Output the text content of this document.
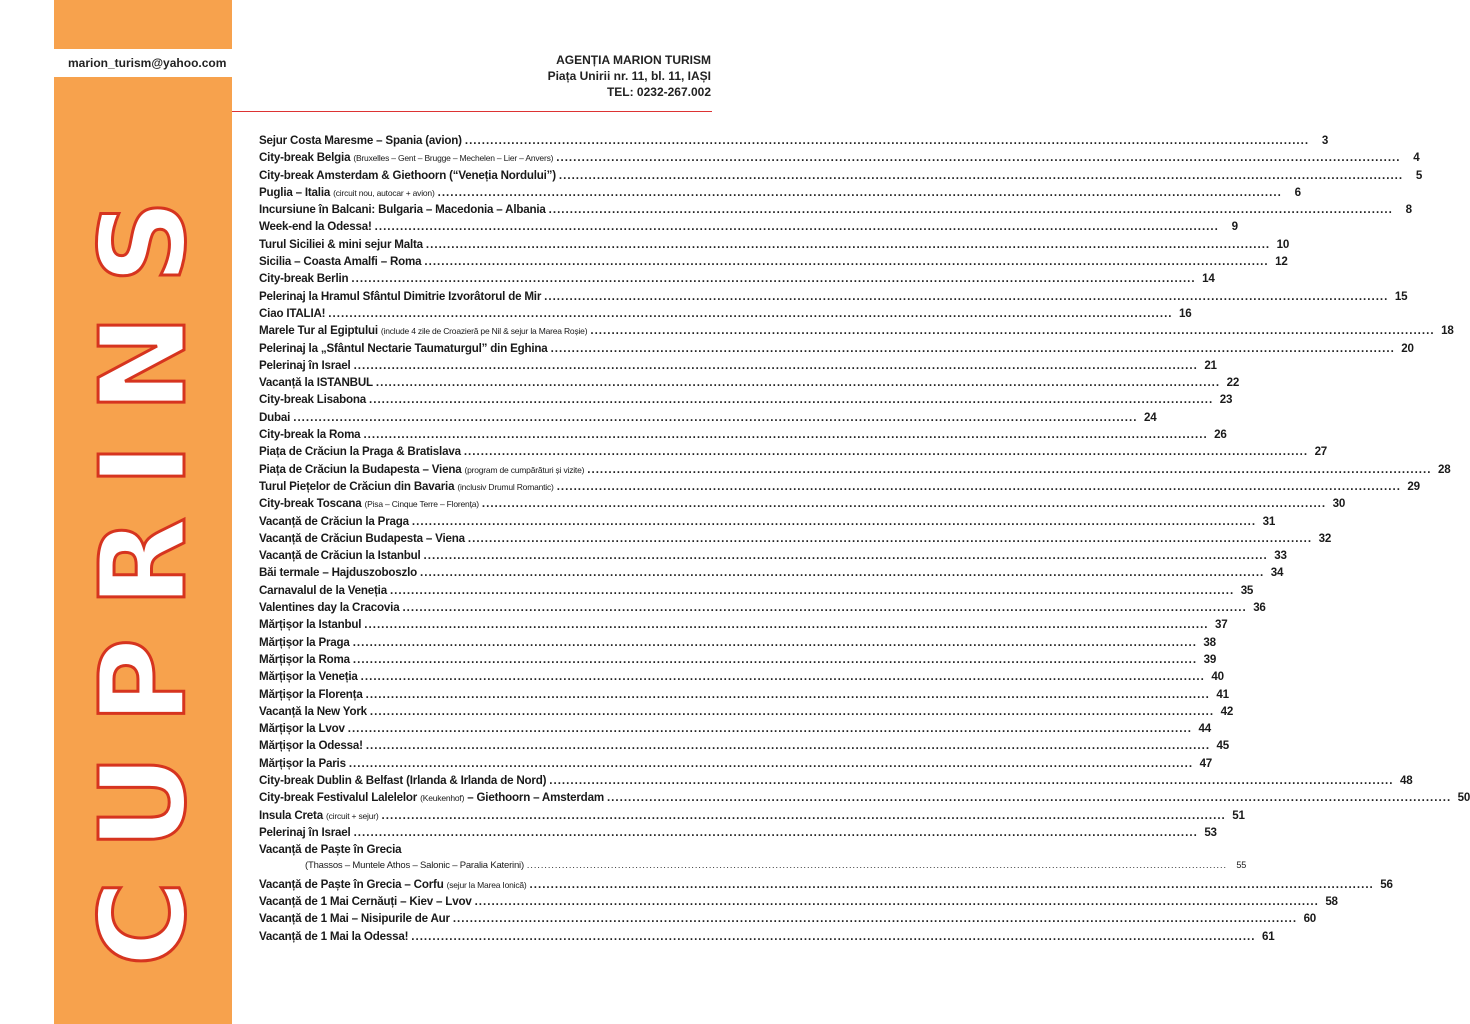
marion_turism@yahoo.com	AGENȚIA MARION TURISM
Piața Unirii nr. 11, bl. 11, IAȘI
TEL: 0232-267.002
CUPRINS
Sejur Costa Maresme – Spania (avion) ........................................................................................................................................................................................................	3
City-break Belgia (Bruxelles – Gent – Brugge – Mechelen – Lier – Anvers) ........................................................................................................................................................................................................	4
City-break Amsterdam & Giethoorn (“Veneția Nordului”) ........................................................................................................................................................................................................	5
Puglia – Italia (circuit nou, autocar + avion) ........................................................................................................................................................................................................	6
Incursiune în Balcani: Bulgaria – Macedonia – Albania ........................................................................................................................................................................................................	8
Week-end la Odessa! ........................................................................................................................................................................................................	9
Turul Siciliei & mini sejur Malta ........................................................................................................................................................................................................ 10
Sicilia – Coasta Amalfi – Roma ........................................................................................................................................................................................................ 12
City-break Berlin ........................................................................................................................................................................................................ 14
Pelerinaj la Hramul Sfântul Dimitrie Izvorâtorul de Mir ........................................................................................................................................................................................................ 15
Ciao ITALIA! ........................................................................................................................................................................................................ 16
Marele Tur al Egiptului (include 4 zile de Croazieră pe Nil & sejur la Marea Roșie) ........................................................................................................................................................................................................ 18
Pelerinaj la „Sfântul Nectarie Taumaturgul” din Eghina ........................................................................................................................................................................................................ 20
Pelerinaj în Israel ........................................................................................................................................................................................................ 21
Vacanță la ISTANBUL ........................................................................................................................................................................................................ 22
City-break Lisabona ........................................................................................................................................................................................................ 23
Dubai ........................................................................................................................................................................................................ 24
City-break la Roma ........................................................................................................................................................................................................ 26
Piața de Crăciun la Praga & Bratislava ........................................................................................................................................................................................................ 27
Piața de Crăciun la Budapesta – Viena (program de cumpărături și vizite) ........................................................................................................................................................................................................ 28
Turul Piețelor de Crăciun din Bavaria (inclusiv Drumul Romantic) ........................................................................................................................................................................................................ 29
City-break Toscana (Pisa – Cinque Terre – Florența) ........................................................................................................................................................................................................ 30
Vacanță de Crăciun la Praga ........................................................................................................................................................................................................ 31
Vacanță de Crăciun Budapesta – Viena ........................................................................................................................................................................................................ 32
Vacanță de Crăciun la Istanbul ........................................................................................................................................................................................................ 33
Băi termale – Hajduszoboszlo ........................................................................................................................................................................................................ 34
Carnavalul de la Veneția ........................................................................................................................................................................................................ 35
Valentines day la Cracovia ........................................................................................................................................................................................................ 36
Mărțișor la Istanbul ........................................................................................................................................................................................................ 37
Mărțișor la Praga ........................................................................................................................................................................................................ 38
Mărțișor la Roma ........................................................................................................................................................................................................ 39
Mărțișor la Veneția ........................................................................................................................................................................................................ 40
Mărțișor la Florența ........................................................................................................................................................................................................ 41
Vacanță la New York ........................................................................................................................................................................................................ 42
Mărțișor la Lvov ........................................................................................................................................................................................................ 44
Mărțișor la Odessa! ........................................................................................................................................................................................................ 45
Mărțișor la Paris ........................................................................................................................................................................................................ 47
City-break Dublin & Belfast (Irlanda & Irlanda de Nord) ........................................................................................................................................................................................................ 48
City-break Festivalul Lalelelor (Keukenhof) – Giethoorn – Amsterdam ........................................................................................................................................................................................................ 50
Insula Creta (circuit + sejur) ........................................................................................................................................................................................................ 51
Pelerinaj în Israel ........................................................................................................................................................................................................ 53
Vacanță de Paște în Grecia
(Thassos – Muntele Athos – Salonic – Paralia Katerini) ........................................................................................................................................................................................................	55
Vacanță de Paște în Grecia – Corfu (sejur la Marea Ionică) ........................................................................................................................................................................................................ 56
Vacanță de 1 Mai Cernăuți – Kiev – Lvov ........................................................................................................................................................................................................ 58
Vacanță de 1 Mai – Nisipurile de Aur ........................................................................................................................................................................................................ 60
Vacanță de 1 Mai la Odessa! ........................................................................................................................................................................................................ 61
